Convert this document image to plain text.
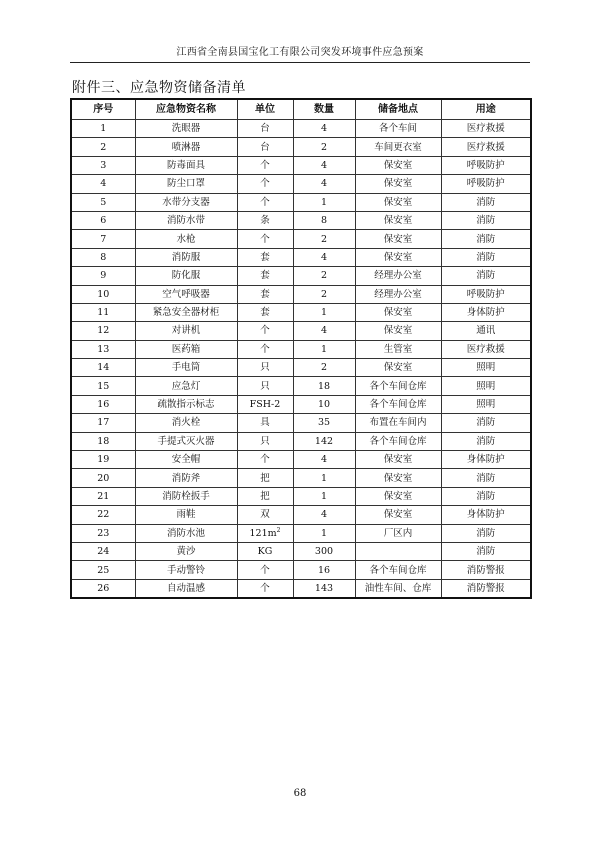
江西省全南县国宝化工有限公司突发环境事件应急预案
附件三、应急物资储备清单
序号	应急物资名称	单位	数量	储备地点	用途
1	洗眼器	台	4	各个车间	医疗救援
2	喷淋器	台	2	车间更衣室	医疗救援
3	防毒面具	个	4	保安室	呼吸防护
4	防尘口罩	个	4	保安室	呼吸防护
5	水带分支器	个	1	保安室	消防
6	消防水带	条	8	保安室	消防
7	水枪	个	2	保安室	消防
8	消防服	套	4	保安室	消防
9	防化服	套	2	经理办公室	消防
10	空气呼吸器	套	2	经理办公室	呼吸防护
11	紧急安全器材柜	套	1	保安室	身体防护
12	对讲机	个	4	保安室	通讯
13	医药箱	个	1	生管室	医疗救援
14	手电筒	只	2	保安室	照明
15	应急灯	只	18	各个车间仓库	照明
16	疏散指示标志	FSH-2	10	各个车间仓库	照明
17	消火栓	具	35	布置在车间内	消防
18	手提式灭火器	只	142	各个车间仓库	消防
19	安全帽	个	4	保安室	身体防护
20	消防斧	把	1	保安室	消防
21	消防栓扳手	把	1	保安室	消防
22	雨鞋	双	4	保安室	身体防护
23	消防水池	$121m^2$	1	厂区内	消防
24	黄沙	KG	300		消防
25	手动警铃	个	16	各个车间仓库	消防警报
26	自动温感	个	143	油性车间、仓库	消防警报
68
